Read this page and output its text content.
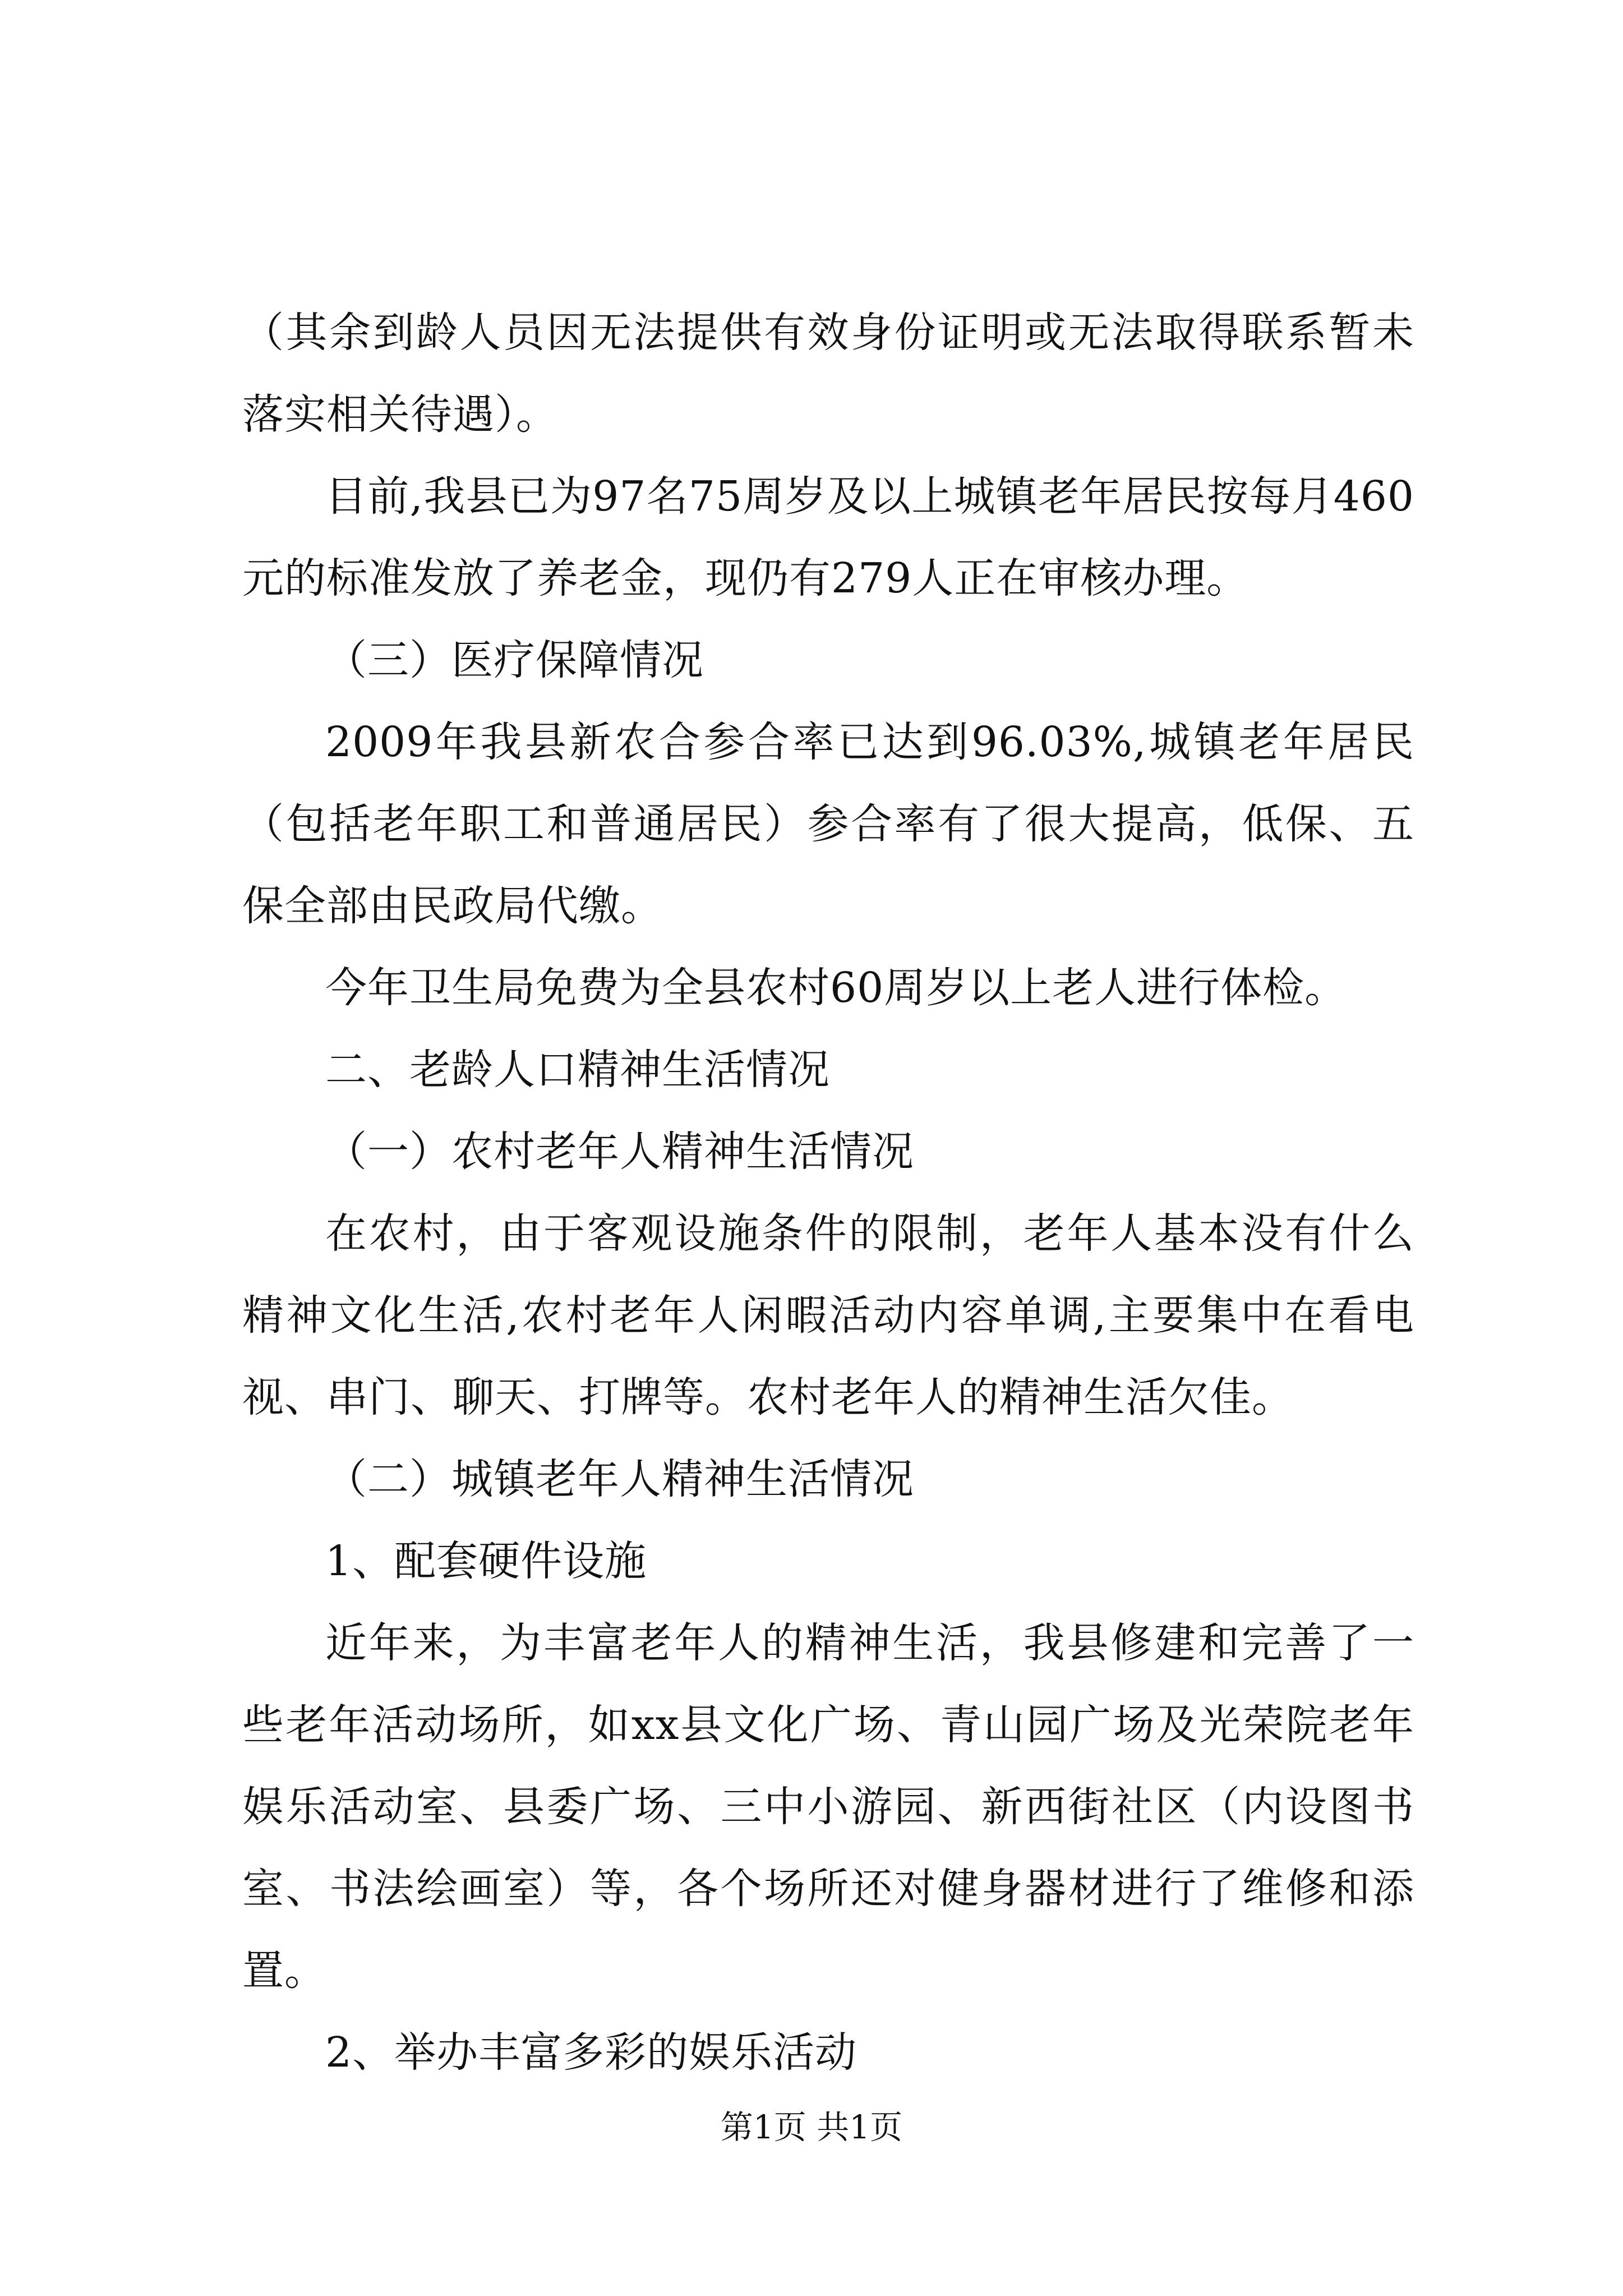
（其余到龄人员因无法提供有效身份证明或无法取得联系暂未落实相关待遇）。

目前,我县已为97名75周岁及以上城镇老年居民按每月460元的标准发放了养老金，现仍有279人正在审核办理。

（三）医疗保障情况

2009年我县新农合参合率已达到96.03%,城镇老年居民（包括老年职工和普通居民）参合率有了很大提高，低保、五保全部由民政局代缴。

今年卫生局免费为全县农村60周岁以上老人进行体检。

二、老龄人口精神生活情况

（一）农村老年人精神生活情况

在农村，由于客观设施条件的限制，老年人基本没有什么精神文化生活,农村老年人闲暇活动内容单调,主要集中在看电视、串门、聊天、打牌等。农村老年人的精神生活欠佳。

（二）城镇老年人精神生活情况

1、配套硬件设施

近年来，为丰富老年人的精神生活，我县修建和完善了一些老年活动场所，如xx县文化广场、青山园广场及光荣院老年娱乐活动室、县委广场、三中小游园、新西街社区（内设图书室、书法绘画室）等，各个场所还对健身器材进行了维修和添置。

2、举办丰富多彩的娱乐活动

第1页 共1页
